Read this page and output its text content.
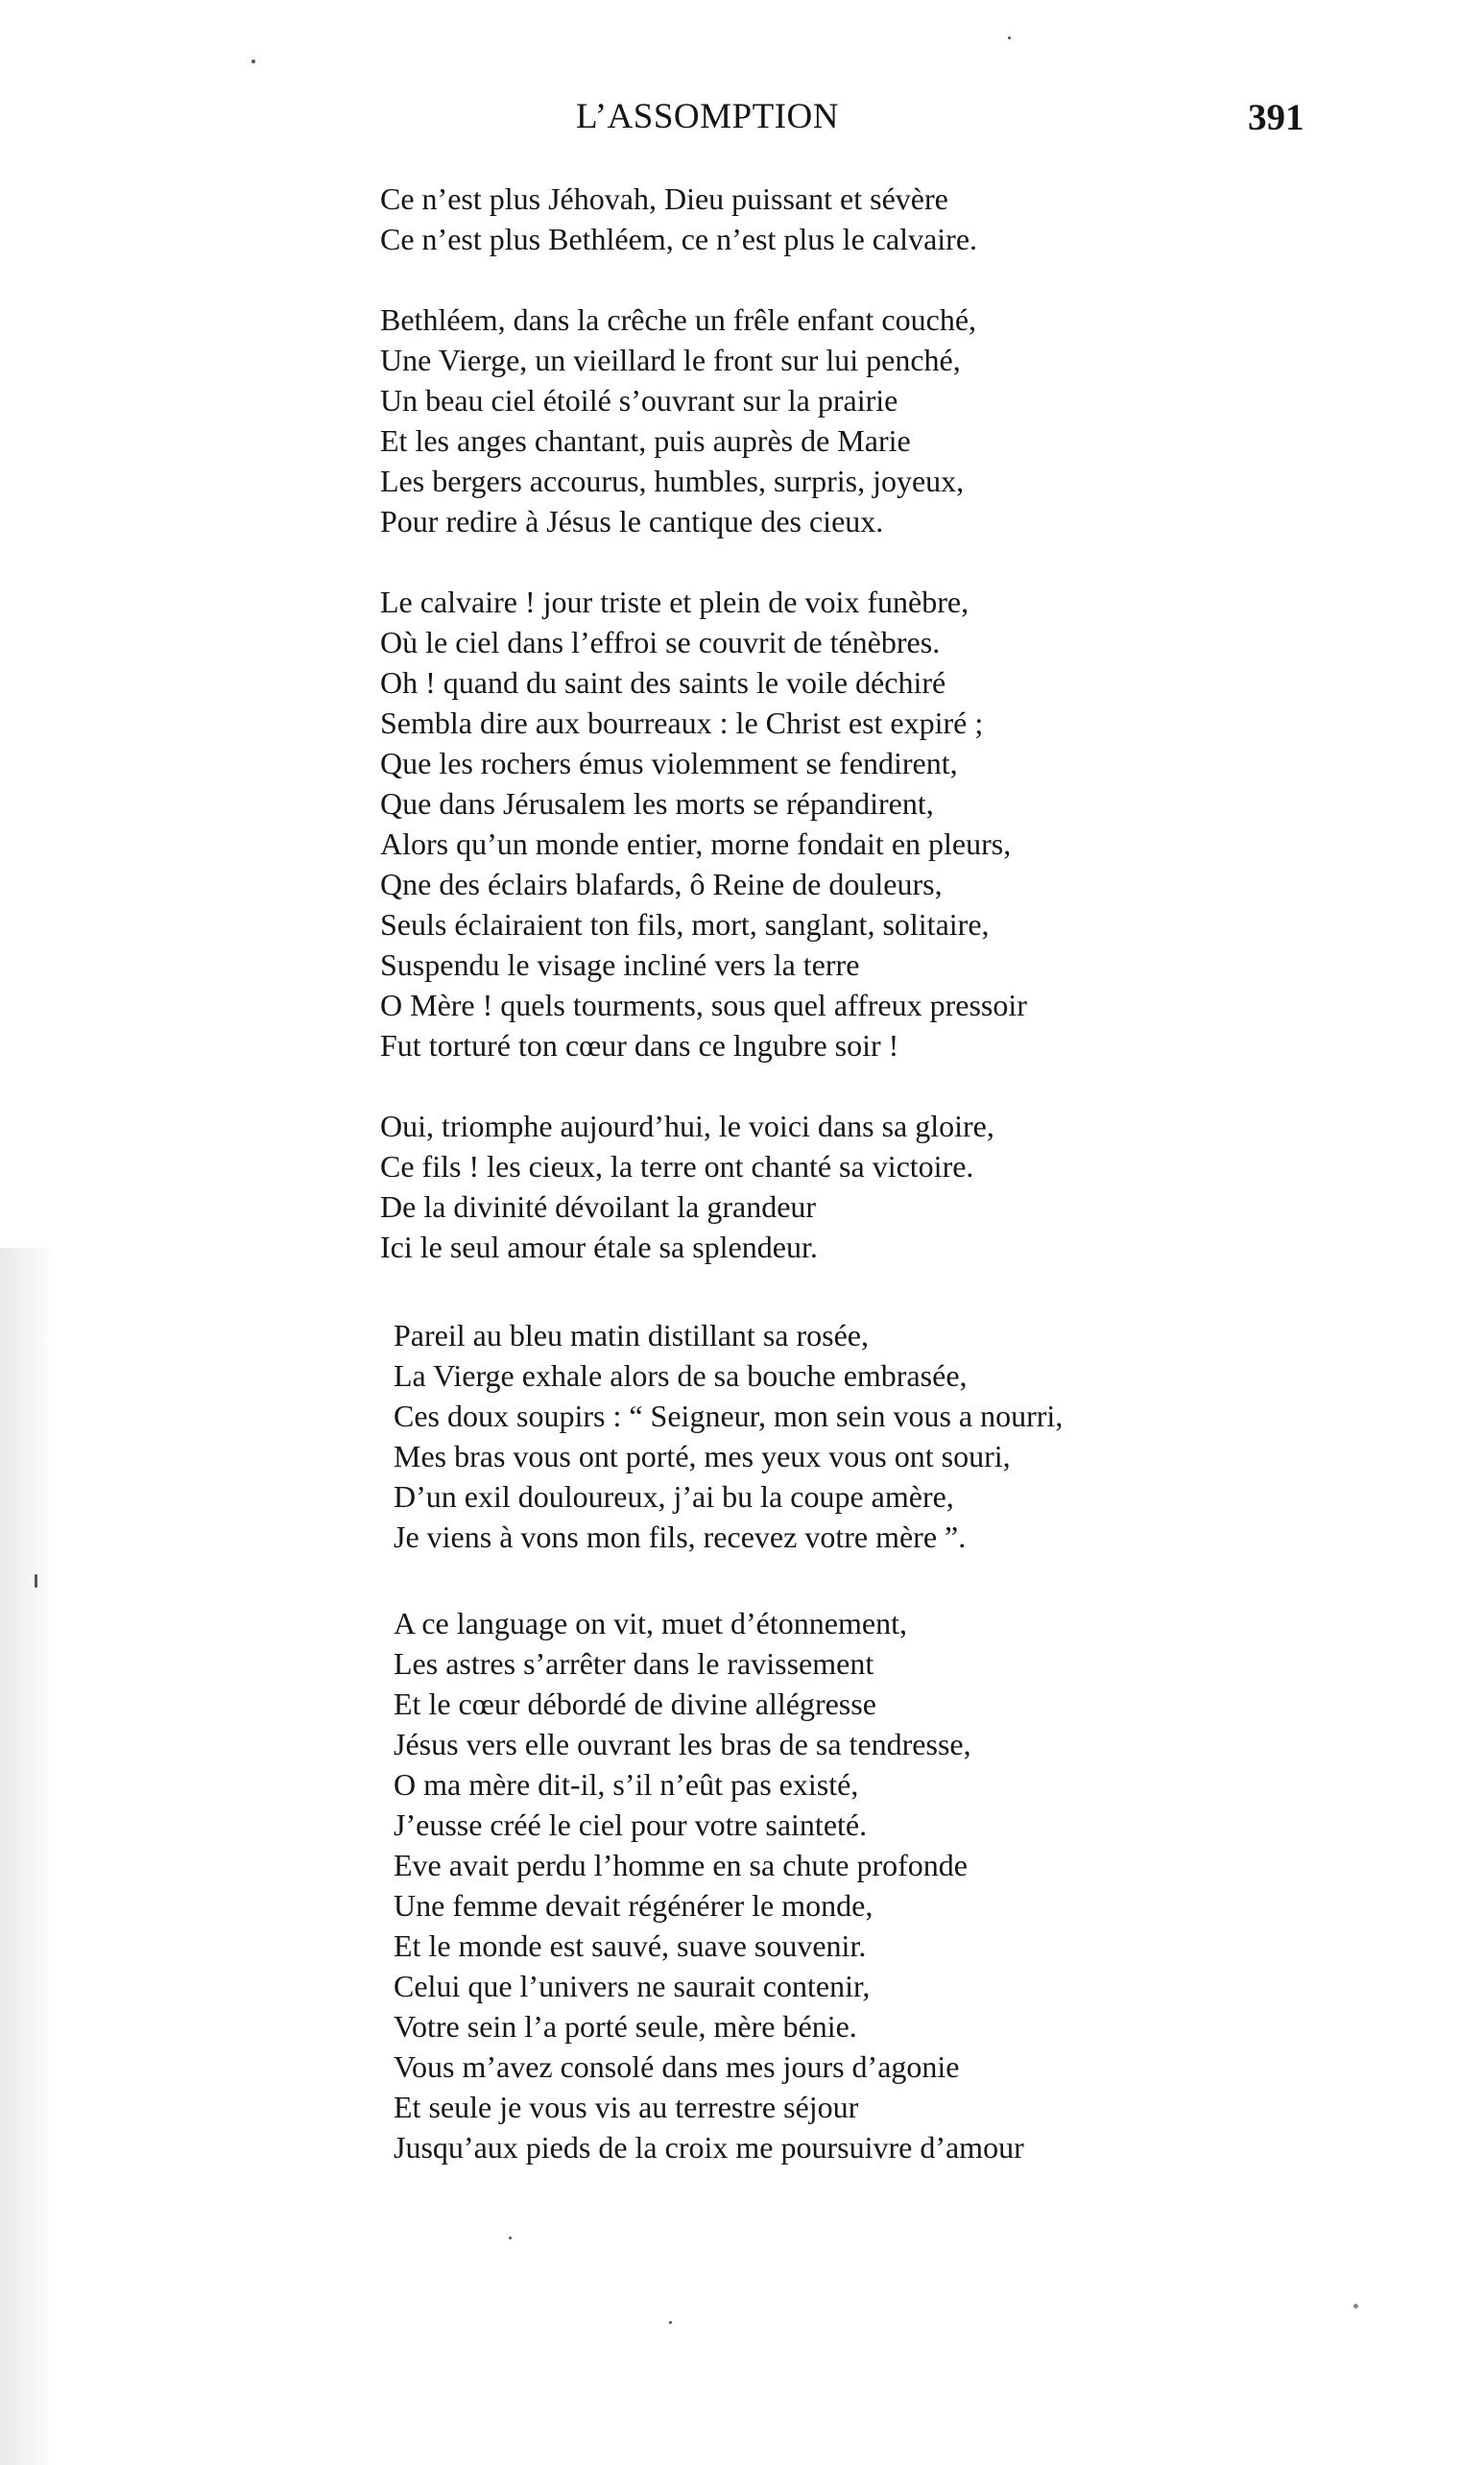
L’ASSOMPTION	391
Ce n’est plus Jéhovah, Dieu puissant et sévère
Ce n’est plus Bethléem, ce n’est plus le calvaire.
Bethléem, dans la crêche un frêle enfant couché,
Une Vierge, un vieillard le front sur lui penché,
Un beau ciel étoilé s’ouvrant sur la prairie
Et les anges chantant, puis auprès de Marie
Les bergers accourus, humbles, surpris, joyeux,
Pour redire à Jésus le cantique des cieux.
Le calvaire ! jour triste et plein de voix funèbre,
Où le ciel dans l’effroi se couvrit de ténèbres.
Oh ! quand du saint des saints le voile déchiré
Sembla dire aux bourreaux : le Christ est expiré ;
Que les rochers émus violemment se fendirent,
Que dans Jérusalem les morts se répandirent,
Alors qu’un monde entier, morne fondait en pleurs,
Qne des éclairs blafards, ô Reine de douleurs,
Seuls éclairaient ton fils, mort, sanglant, solitaire,
Suspendu le visage incliné vers la terre
O Mère ! quels tourments, sous quel affreux pressoir
Fut torturé ton cœur dans ce lngubre soir !
Oui, triomphe aujourd’hui, le voici dans sa gloire,
Ce fils ! les cieux, la terre ont chanté sa victoire.
De la divinité dévoilant la grandeur
Ici le seul amour étale sa splendeur.
Pareil au bleu matin distillant sa rosée,
La Vierge exhale alors de sa bouche embrasée,
Ces doux soupirs : “ Seigneur, mon sein vous a nourri,
Mes bras vous ont porté, mes yeux vous ont souri,
D’un exil douloureux, j’ai bu la coupe amère,
Je viens à vons mon fils, recevez votre mère ”.
A ce language on vit, muet d’étonnement,
Les astres s’arrêter dans le ravissement
Et le cœur débordé de divine allégresse
Jésus vers elle ouvrant les bras de sa tendresse,
O ma mère dit-il, s’il n’eût pas existé,
J’eusse créé le ciel pour votre sainteté.
Eve avait perdu l’homme en sa chute profonde
Une femme devait régénérer le monde,
Et le monde est sauvé, suave souvenir.
Celui que l’univers ne saurait contenir,
Votre sein l’a porté seule, mère bénie.
Vous m’avez consolé dans mes jours d’agonie
Et seule je vous vis au terrestre séjour
Jusqu’aux pieds de la croix me poursuivre d’amour
